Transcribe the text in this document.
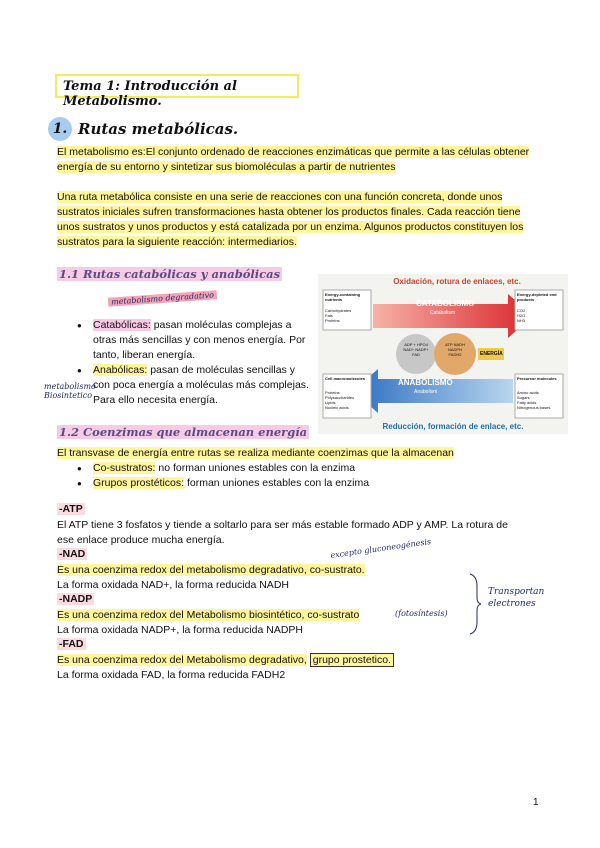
Tema 1: Introducción al Metabolismo.
1. Rutas metabólicas.
El metabolismo es:El conjunto ordenado de reacciones enzimáticas que permite a las células obtener energía de su entorno y sintetizar sus biomoléculas a partir de nutrientes
Una ruta metabólica consiste en una serie de reacciones con una función concreta, donde unos sustratos iniciales sufren transformaciones hasta obtener los productos finales. Cada reacción tiene unos sustratos y unos productos y está catalizada por un enzima. Algunos productos constituyen los sustratos para la siguiente reacción: intermediarios.
1.1 Rutas catabólicas y anabólicas
metabolismo degradativo
metabolismo Biosintetico
● Catabólicas: pasan moléculas complejas a otras más sencillas y con menos energía. Por tanto, liberan energía.
● Anabólicas: pasan de moléculas sencillas y con poca energía a moléculas más complejas. Para ello necesita energía.
Oxidación, rotura de enlaces, etc.
Reducción, formación de enlace, etc.
CATABOLISMO
Catabolism
ANABOLISMO
Anabolism
ENERGÍA
ADP + HPO4 NAD+ NADP+ FAD
ATP NADH NADPH FADH2
Energy-containing nutrients
Carbohydrates
Fats
Proteins
Energy-depleted end products
CO2
H2O
NH3
Cell macromolecules
Proteins
Polysaccharides
Lipids
Nucleic acids
Precursor molecules
Amino acids
Sugars
Fatty acids
Nitrogenous bases
1.2 Coenzimas que almacenan energía
El transvase de energía entre rutas se realiza mediante coenzimas que la almacenan
● Co-sustratos: no forman uniones estables con la enzima
● Grupos prostéticos: forman uniones estables con la enzima
-ATP
El ATP tiene 3 fosfatos y tiende a soltarlo para ser más estable formado ADP y AMP. La rotura de
ese enlace produce mucha energía.
-NAD
Es una coenzima redox del metabolismo degradativo, co-sustrato.
La forma oxidada NAD+, la forma reducida NADH
-NADP
Es una coenzima redox del Metabolismo biosintético, co-sustrato
La forma oxidada NADP+, la forma reducida NADPH
-FAD
Es una coenzima redox del Metabolismo degradativo, grupo prostetico.
La forma oxidada FAD, la forma reducida FADH2
excepto gluconeogénesis
(fotosíntesis)
Transportan electrones
1
